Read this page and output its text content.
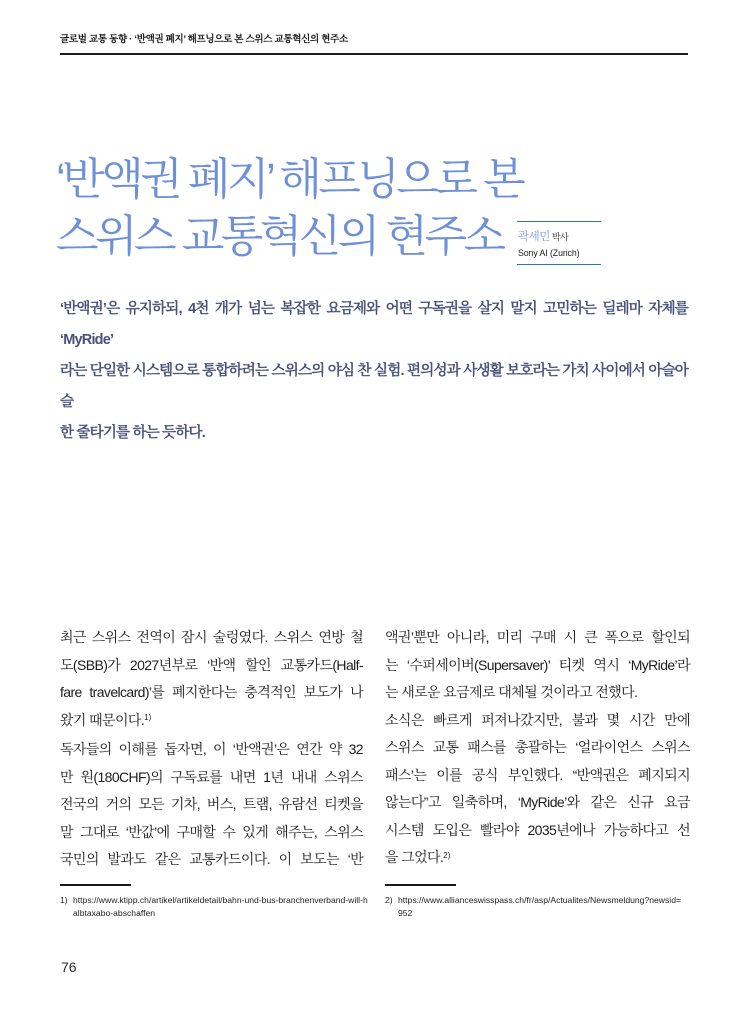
글로벌 교통 동향 · ‘반액권 폐지’ 해프닝으로 본 스위스 교통혁신의 현주소
‘반액권 폐지’ 해프닝으로 본
스위스 교통혁신의 현주소	곽세민 박사
Sony AI (Zurich)
‘반액권’은 유지하되, 4천 개가 넘는 복잡한 요금제와 어떤 구독권을 살지 말지 고민하는 딜레마 자체를 ‘MyRide’
라는 단일한 시스템으로 통합하려는 스위스의 야심 찬 실험. 편의성과 사생활 보호라는 가치 사이에서 아슬아슬
한 줄타기를 하는 듯하다.
최근 스위스 전역이 잠시 술렁였다. 스위스 연방 철
도(SBB)가 2027년부로 ‘반액 할인 교통카드(Half-
fare travelcard)’를 폐지한다는 충격적인 보도가 나
왔기 때문이다.$^{1)}$
독자들의 이해를 돕자면, 이 ‘반액권’은 연간 약 32
만 원(180CHF)의 구독료를 내면 1년 내내 스위스
전국의 거의 모든 기차, 버스, 트램, 유람선 티켓을
말 그대로 ‘반값’에 구매할 수 있게 해주는, 스위스
국민의 발과도 같은 교통카드이다. 이 보도는 ‘반
액권’뿐만 아니라, 미리 구매 시 큰 폭으로 할인되
는 ‘수퍼세이버(Supersaver)’ 티켓 역시 ‘MyRide’라
는 새로운 요금제로 대체될 것이라고 전했다.
소식은 빠르게 퍼져나갔지만, 불과 몇 시간 만에
스위스 교통 패스를 총괄하는 ‘얼라이언스 스위스
패스’는 이를 공식 부인했다. “반액권은 폐지되지
않는다”고 일축하며, ‘MyRide’와 같은 신규 요금
시스템 도입은 빨라야 2035년에나 가능하다고 선
을 그었다.$^{2)}$
1) https://www.ktipp.ch/artikel/artikeldetail/bahn-und-bus-branchenverband-will-halbtaxabo-abschaffen
2) https://www.allianceswisspass.ch/fr/asp/Actualites/Newsmeldung?newsid=952
76
